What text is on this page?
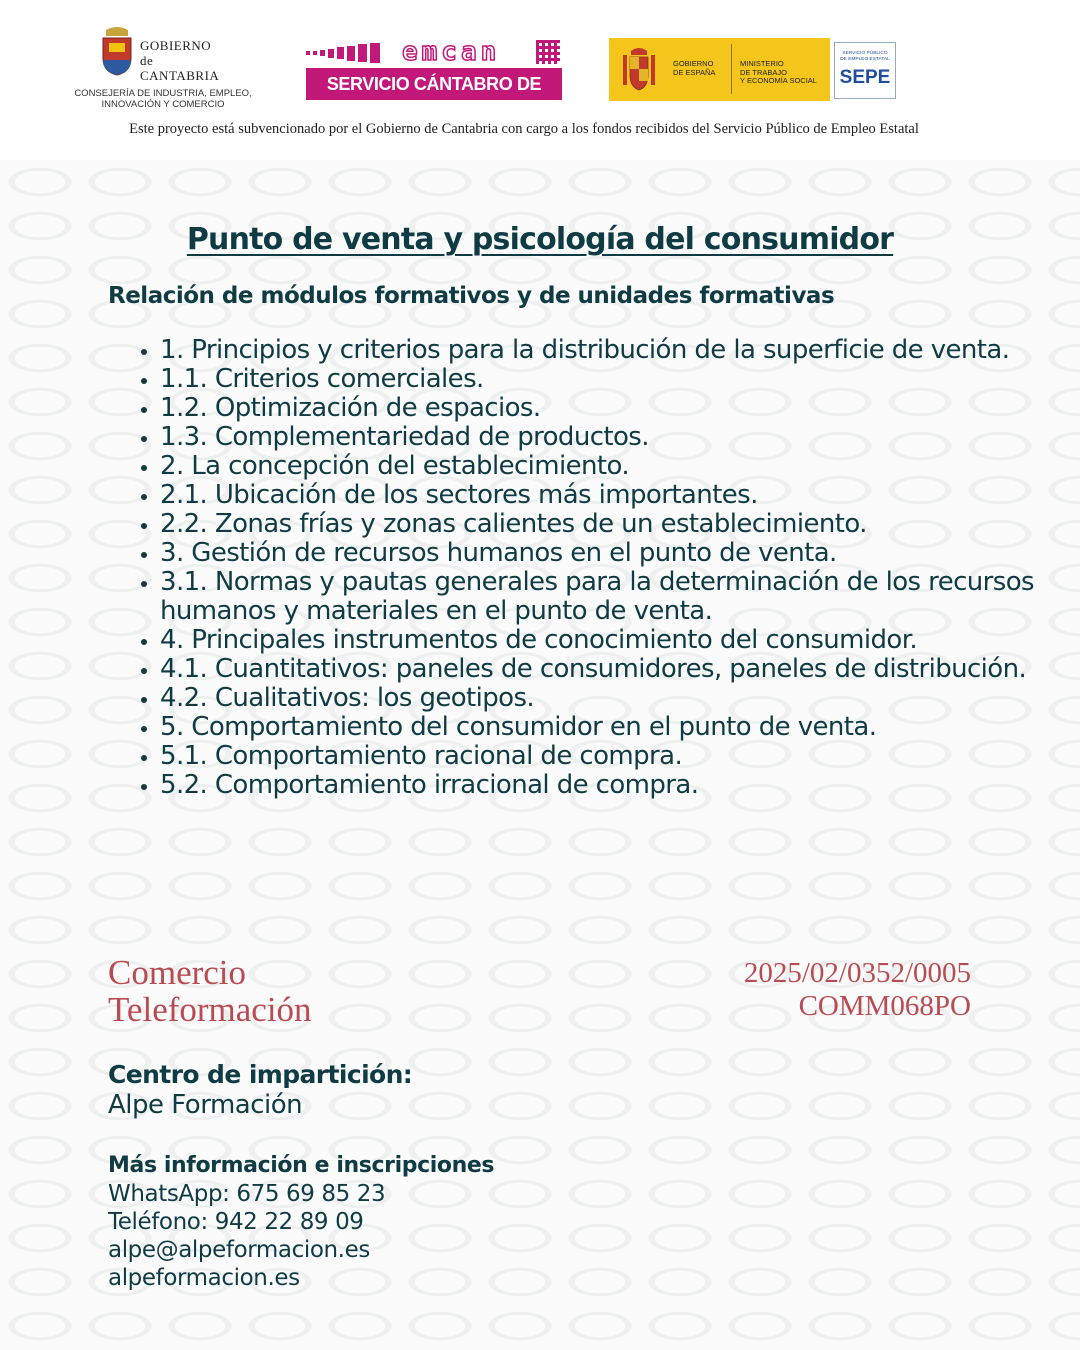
GOBIERNO
de
CANTABRIA
CONSEJERÍA DE INDUSTRIA, EMPLEO,
INNOVACIÓN Y COMERCIO
emcan
SERVICIO CÁNTABRO DE EMPLEO
GOBIERNO
DE ESPAÑA
MINISTERIO
DE TRABAJO
Y ECONOMÍA SOCIAL
SERVICIO PÚBLICO
DE EMPLEO ESTATAL
SEPE
Este proyecto está subvencionado por el Gobierno de Cantabria con cargo a los fondos recibidos del Servicio Público de Empleo Estatal
Punto de venta y psicología del consumidor
Relación de módulos formativos y de unidades formativas
• 1. Principios y criterios para la distribución de la superficie de venta.
• 1.1. Criterios comerciales.
• 1.2. Optimización de espacios.
• 1.3. Complementariedad de productos.
• 2. La concepción del establecimiento.
• 2.1. Ubicación de los sectores más importantes.
• 2.2. Zonas frías y zonas calientes de un establecimiento.
• 3. Gestión de recursos humanos en el punto de venta.
• 3.1. Normas y pautas generales para la determinación de los recursos humanos y materiales en el punto de venta.
• 4. Principales instrumentos de conocimiento del consumidor.
• 4.1. Cuantitativos: paneles de consumidores, paneles de distribución.
• 4.2. Cualitativos: los geotipos.
• 5. Comportamiento del consumidor en el punto de venta.
• 5.1. Comportamiento racional de compra.
• 5.2. Comportamiento irracional de compra.
Comercio
Teleformación
2025/02/0352/0005
COMM068PO
Centro de impartición:
Alpe Formación
Más información e inscripciones
WhatsApp: 675 69 85 23
Teléfono: 942 22 89 09
alpe@alpeformacion.es
alpeformacion.es
